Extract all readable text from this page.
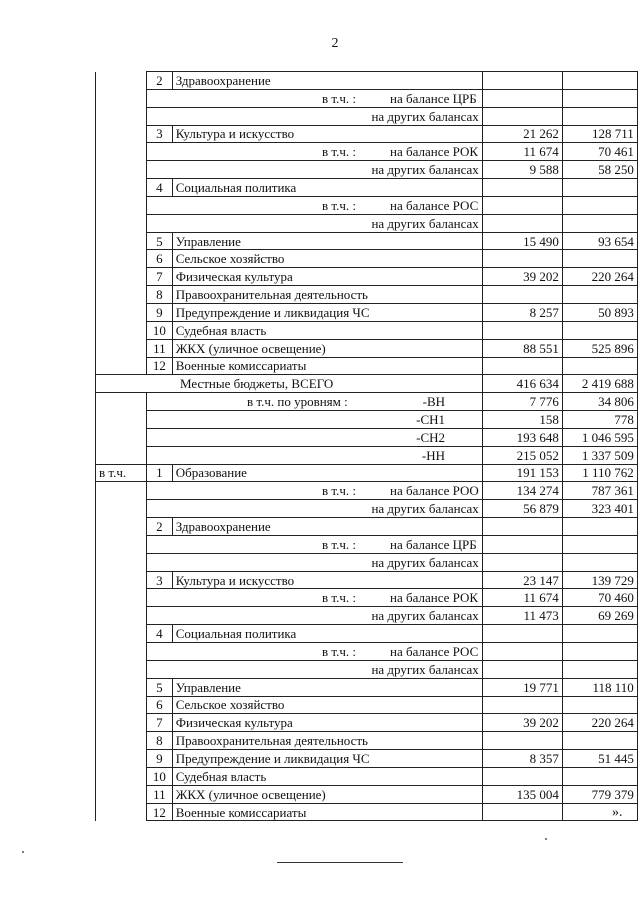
2
	2	Здравоохранение		
	в т.ч. : на балансе ЦРБ			
	на других балансах			
	3	Культура и искусство	21 262	128 711
	в т.ч. : на балансе РОК		11 674	70 461
	на других балансах		9 588	58 250
	4	Социальная политика		
	в т.ч. : на балансе РОС			
	на других балансах			
	5	Управление	15 490	93 654
	6	Сельское хозяйство		
	7	Физическая культура	39 202	220 264
	8	Правоохранительная деятельность		
	9	Предупреждение и ликвидация ЧС	8 257	50 893
	10	Судебная власть		
	11	ЖКХ (уличное освещение)	88 551	525 896
	12	Военные комиссариаты		
Местные бюджеты, ВСЕГО			416 634	2 419 688
	в т.ч. по уровням : -ВН		7 776	34 806
	-СН1		158	778
	-СН2		193 648	1 046 595
	-НН		215 052	1 337 509
в т.ч.	1	Образование	191 153	1 110 762
	в т.ч. : на балансе РОО		134 274	787 361
	на других балансах		56 879	323 401
	2	Здравоохранение		
	в т.ч. : на балансе ЦРБ			
	на других балансах			
	3	Культура и искусство	23 147	139 729
	в т.ч. : на балансе РОК		11 674	70 460
	на других балансах		11 473	69 269
	4	Социальная политика		
	в т.ч. : на балансе РОС			
	на других балансах			
	5	Управление	19 771	118 110
	6	Сельское хозяйство		
	7	Физическая культура	39 202	220 264
	8	Правоохранительная деятельность		
	9	Предупреждение и ликвидация ЧС	8 357	51 445
	10	Судебная власть		
	11	ЖКХ (уличное освещение)	135 004	779 379
	12	Военные комиссариаты			».
